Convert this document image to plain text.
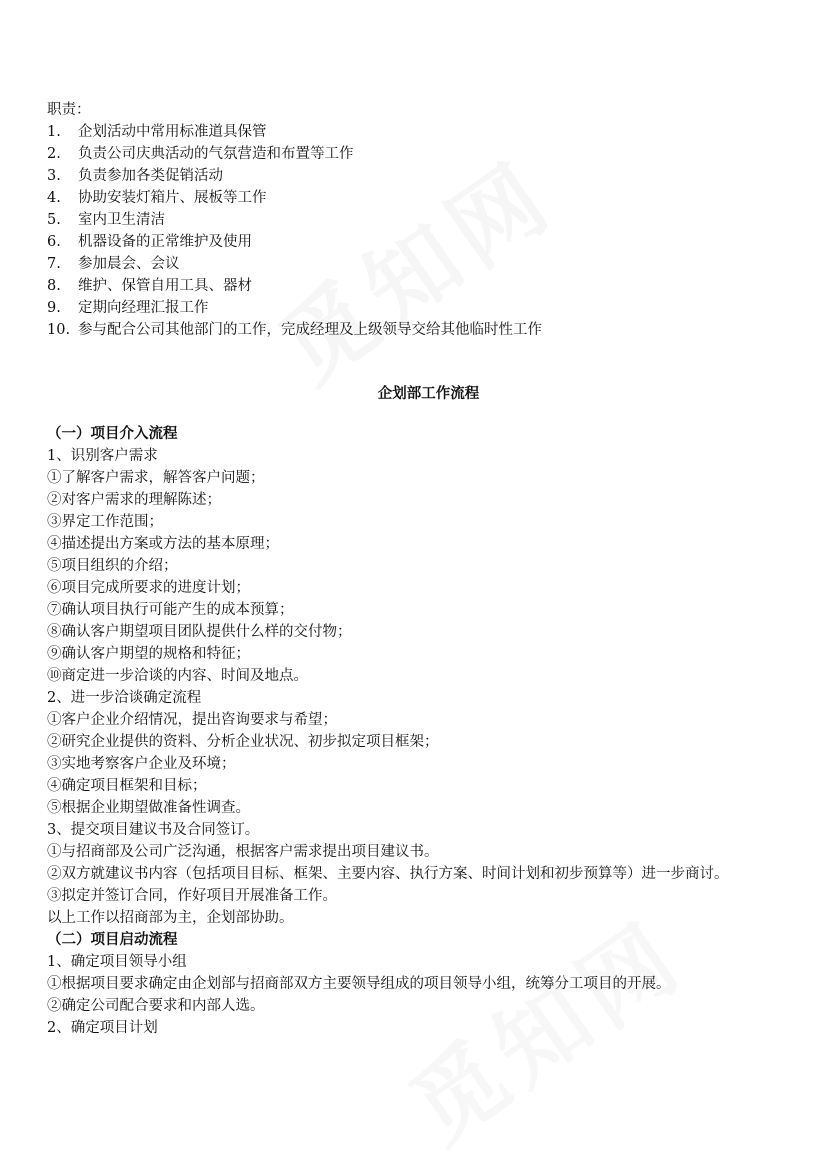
职责：
1.	企划活动中常用标准道具保管
2.	负责公司庆典活动的气氛营造和布置等工作
3.	负责参加各类促销活动
4.	协助安装灯箱片、展板等工作
5.	室内卫生清洁
6.	机器设备的正常维护及使用
7.	参加晨会、会议
8.	维护、保管自用工具、器材
9.	定期向经理汇报工作
10. 参与配合公司其他部门的工作，完成经理及上级领导交给其他临时性工作
企划部工作流程
（一）项目介入流程
1、识别客户需求
①了解客户需求，解答客户问题；
②对客户需求的理解陈述；
③界定工作范围；
④描述提出方案或方法的基本原理；
⑤项目组织的介绍；
⑥项目完成所要求的进度计划；
⑦确认项目执行可能产生的成本预算；
⑧确认客户期望项目团队提供什么样的交付物；
⑨确认客户期望的规格和特征；
⑩商定进一步洽谈的内容、时间及地点。
2、进一步洽谈确定流程
①客户企业介绍情况，提出咨询要求与希望；
②研究企业提供的资料、分析企业状况、初步拟定项目框架；
③实地考察客户企业及环境；
④确定项目框架和目标；
⑤根据企业期望做准备性调查。
3、提交项目建议书及合同签订。
①与招商部及公司广泛沟通，根据客户需求提出项目建议书。
②双方就建议书内容（包括项目目标、框架、主要内容、执行方案、时间计划和初步预算等）进一步商讨。
③拟定并签订合同，作好项目开展准备工作。
以上工作以招商部为主，企划部协助。
（二）项目启动流程
1、确定项目领导小组
①根据项目要求确定由企划部与招商部双方主要领导组成的项目领导小组，统筹分工项目的开展。
②确定公司配合要求和内部人选。
2、确定项目计划
